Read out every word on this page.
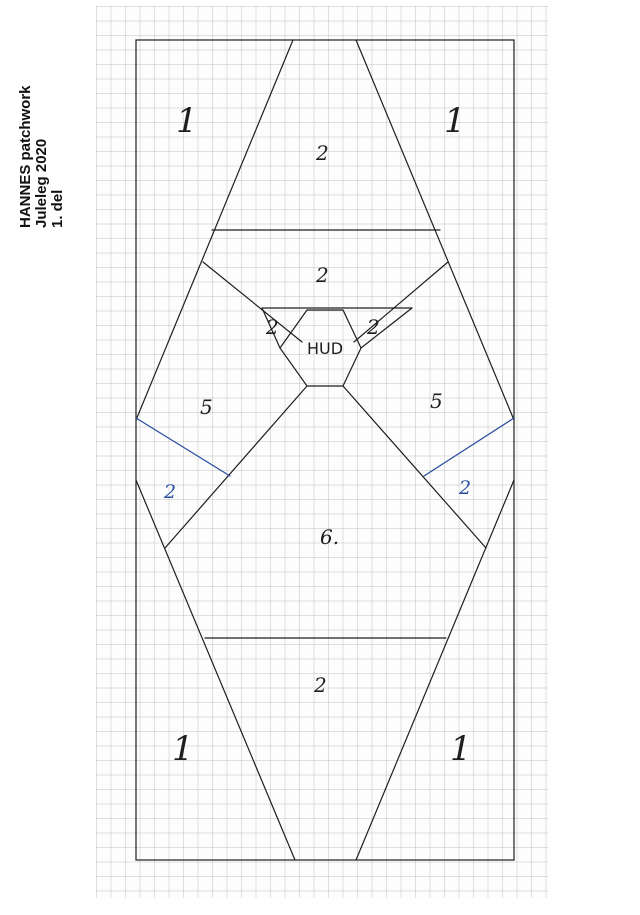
HANNES patchwork Juleleg 2020 1. del
1	1
2
2
2	2
HUD
5	5
2	2
6.
2
1	1
